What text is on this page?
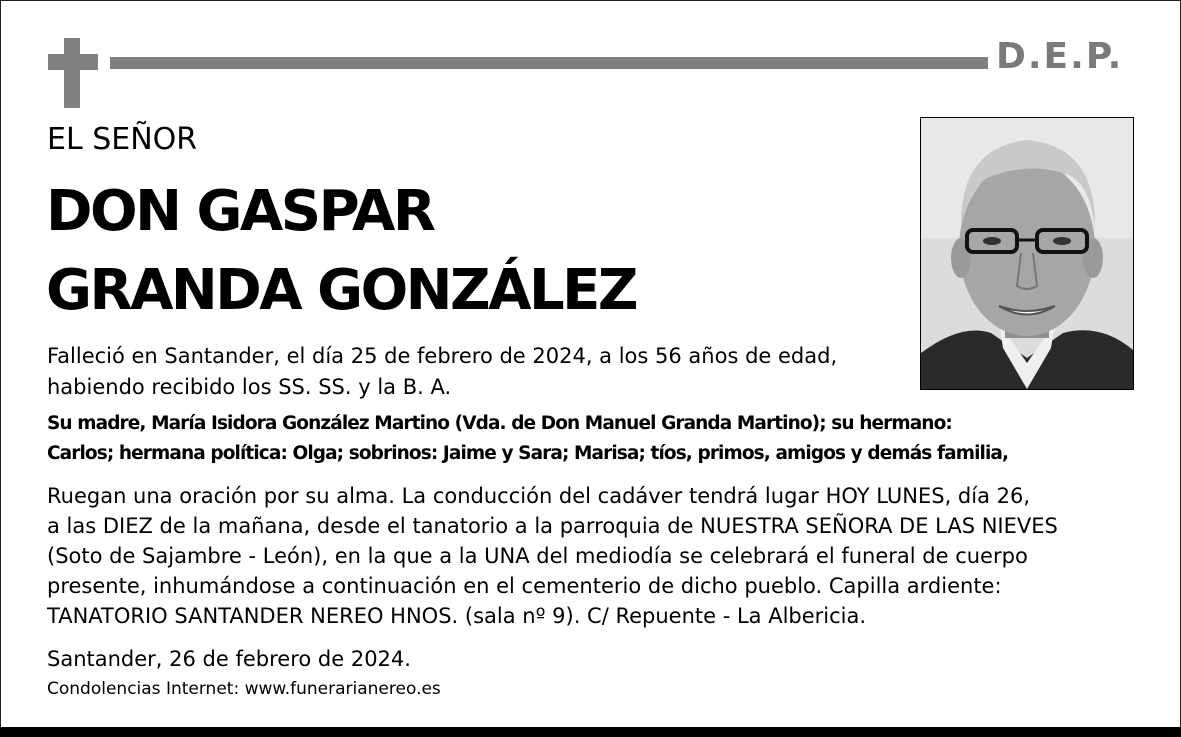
D.E.P.
EL SEÑOR
DON GASPAR
GRANDA GONZÁLEZ
Falleció en Santander, el día 25 de febrero de 2024, a los 56 años de edad,
habiendo recibido los SS. SS. y la B. A.
Su madre, María Isidora González Martino (Vda. de Don Manuel Granda Martino); su hermano:
Carlos; hermana política: Olga; sobrinos: Jaime y Sara; Marisa; tíos, primos, amigos y demás familia,
Ruegan una oración por su alma. La conducción del cadáver tendrá lugar HOY LUNES, día 26,
a las DIEZ de la mañana, desde el tanatorio a la parroquia de NUESTRA SEÑORA DE LAS NIEVES
(Soto de Sajambre - León), en la que a la UNA del mediodía se celebrará el funeral de cuerpo
presente, inhumándose a continuación en el cementerio de dicho pueblo. Capilla ardiente:
TANATORIO SANTANDER NEREO HNOS. (sala nº 9). C/ Repuente - La Albericia.
Santander, 26 de febrero de 2024.
Condolencias Internet: www.funerarianereo.es
